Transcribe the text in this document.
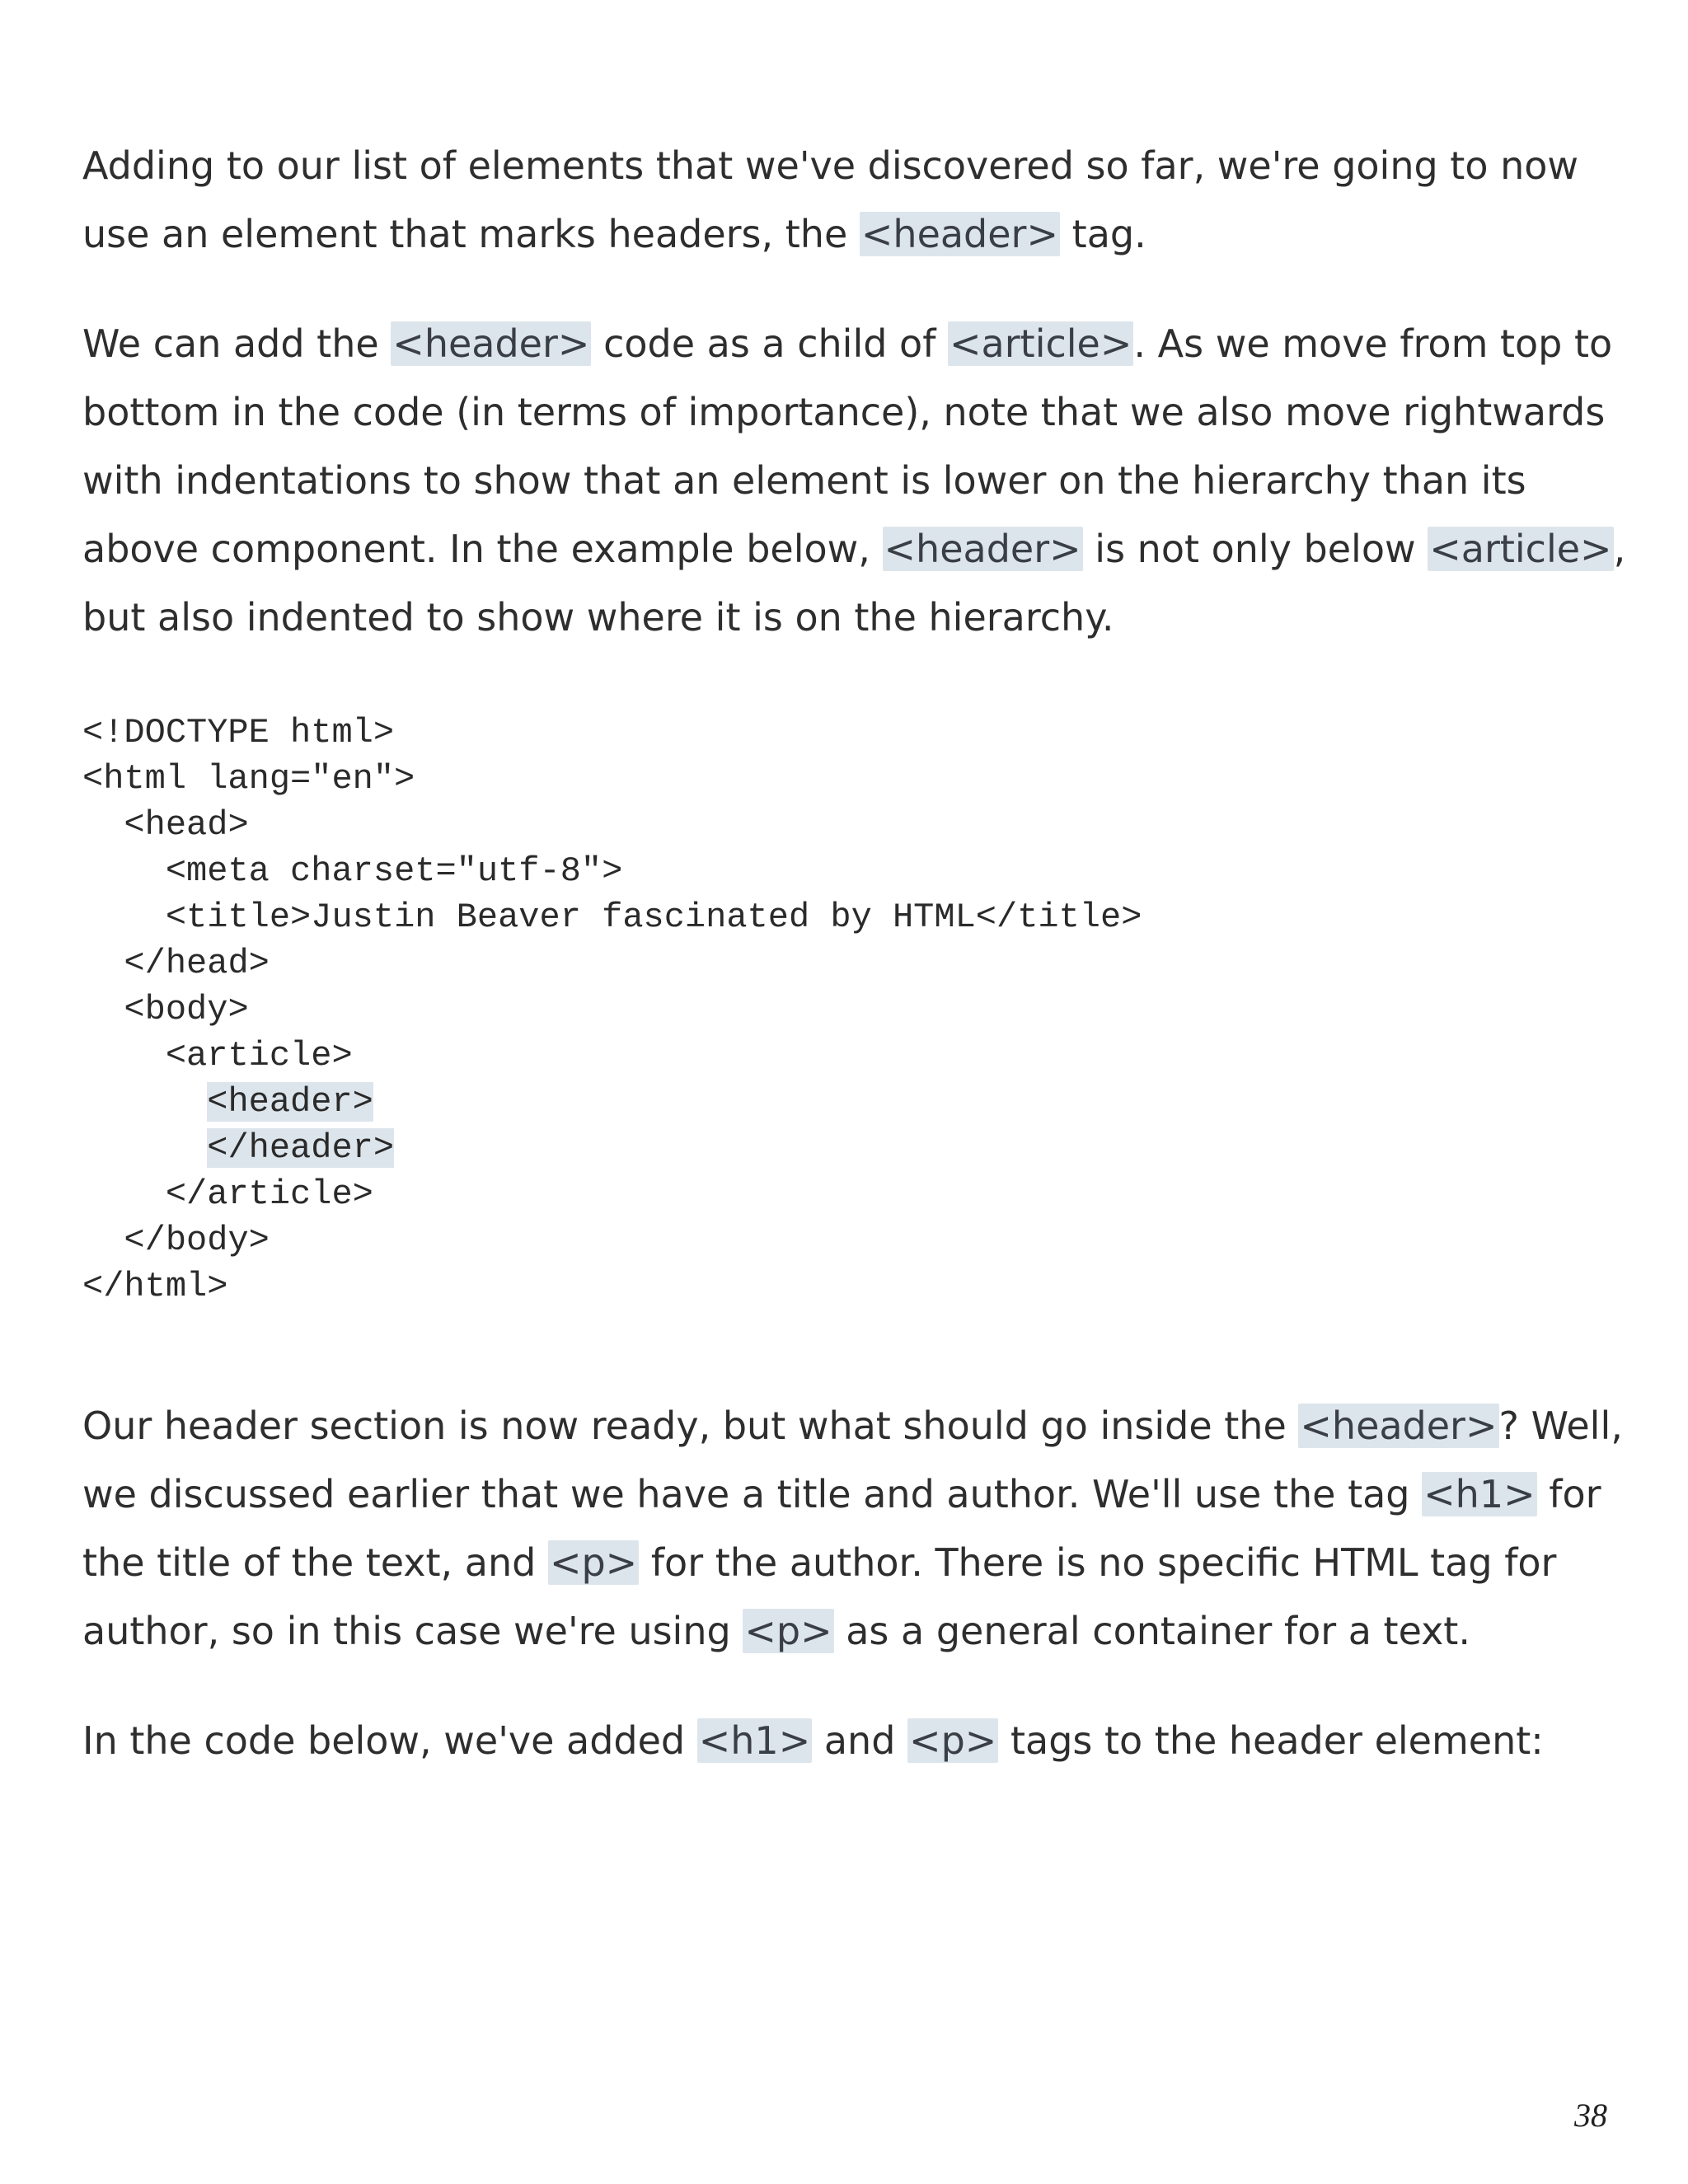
Adding to our list of elements that we've discovered so far, we're going to now use an element that marks headers, the <header> tag.

We can add the <header> code as a child of <article>. As we move from top to bottom in the code (in terms of importance), note that we also move rightwards with indentations to show that an element is lower on the hierarchy than its above component. In the example below, <header> is not only below <article>, but also indented to show where it is on the hierarchy.

<!DOCTYPE html>
<html lang="en">
<head>
<meta charset="utf-8">
<title>Justin Beaver fascinated by HTML</title>
</head>
<body>
<article>
<header>
</header>
</article>
</body>
</html>

Our header section is now ready, but what should go inside the <header>? Well, we discussed earlier that we have a title and author. We'll use the tag <h1> for the title of the text, and <p> for the author. There is no specific HTML tag for author, so in this case we're using <p> as a general container for a text.

In the code below, we've added <h1> and <p> tags to the header element:

38
